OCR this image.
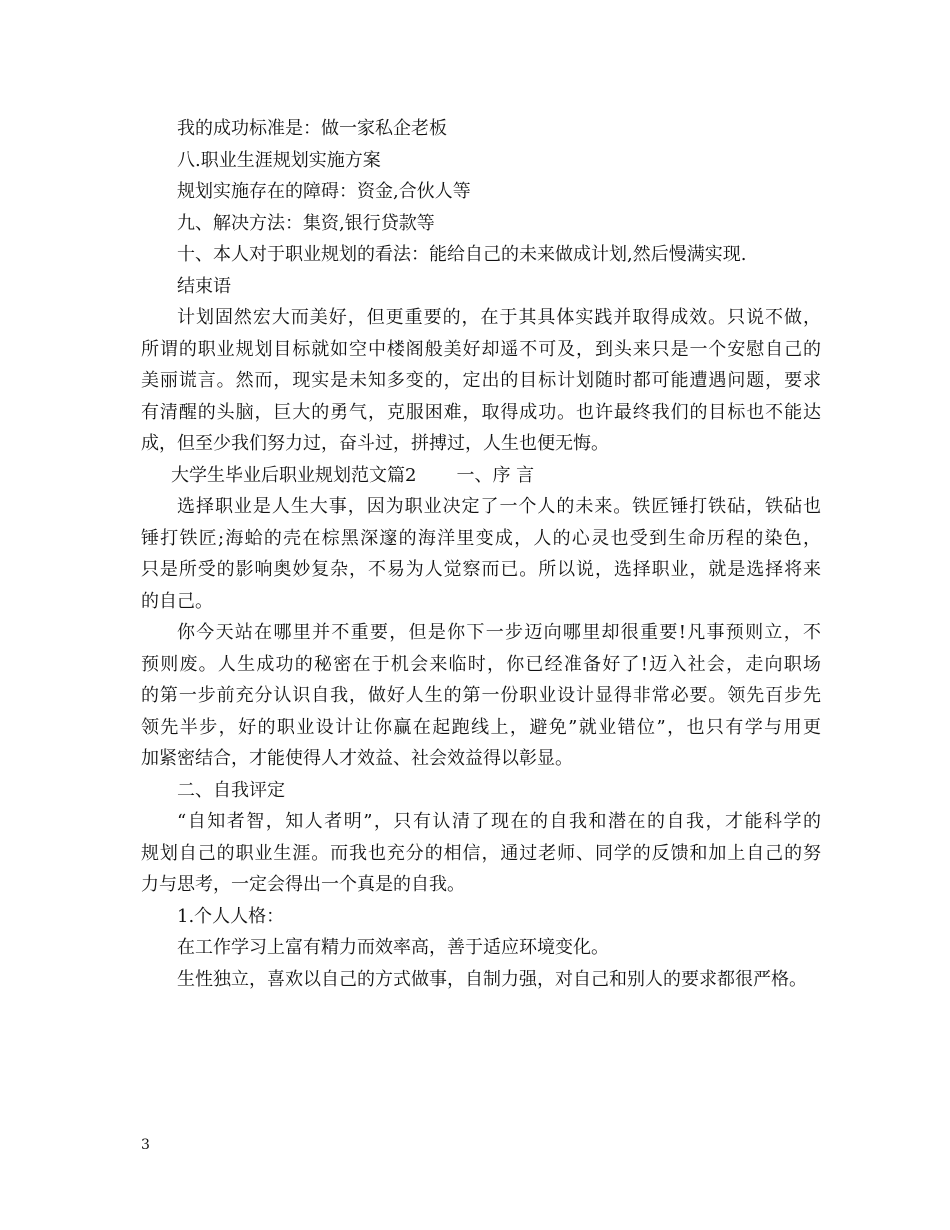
我的成功标准是：做一家私企老板
八.职业生涯规划实施方案
规划实施存在的障碍：资金,合伙人等
九、解决方法：集资,银行贷款等
十、本人对于职业规划的看法：能给自己的未来做成计划,然后慢满实现.
结束语
计划固然宏大而美好，但更重要的，在于其具体实践并取得成效。只说不做，
所谓的职业规划目标就如空中楼阁般美好却遥不可及，到头来只是一个安慰自己的
美丽谎言。然而，现实是未知多变的，定出的目标计划随时都可能遭遇问题，要求
有清醒的头脑，巨大的勇气，克服困难，取得成功。也许最终我们的目标也不能达
成，但至少我们努力过，奋斗过，拼搏过，人生也便无悔。
大学生毕业后职业规划范文篇2 一、序 言
选择职业是人生大事，因为职业决定了一个人的未来。铁匠锤打铁砧，铁砧也
锤打铁匠;海蛤的壳在棕黑深邃的海洋里变成，人的心灵也受到生命历程的染色，
只是所受的影响奥妙复杂，不易为人觉察而已。所以说，选择职业，就是选择将来
的自己。
你今天站在哪里并不重要，但是你下一步迈向哪里却很重要!凡事预则立，不
预则废。人生成功的秘密在于机会来临时，你已经准备好了!迈入社会，走向职场
的第一步前充分认识自我，做好人生的第一份职业设计显得非常必要。领先百步先
领先半步，好的职业设计让你赢在起跑线上，避免”就业错位”，也只有学与用更
加紧密结合，才能使得人才效益、社会效益得以彰显。
二、自我评定
“自知者智，知人者明”，只有认清了现在的自我和潜在的自我，才能科学的
规划自己的职业生涯。而我也充分的相信，通过老师、同学的反馈和加上自己的努
力与思考，一定会得出一个真是的自我。
1.个人人格：
在工作学习上富有精力而效率高，善于适应环境变化。
生性独立，喜欢以自己的方式做事，自制力强，对自己和别人的要求都很严格。
3
